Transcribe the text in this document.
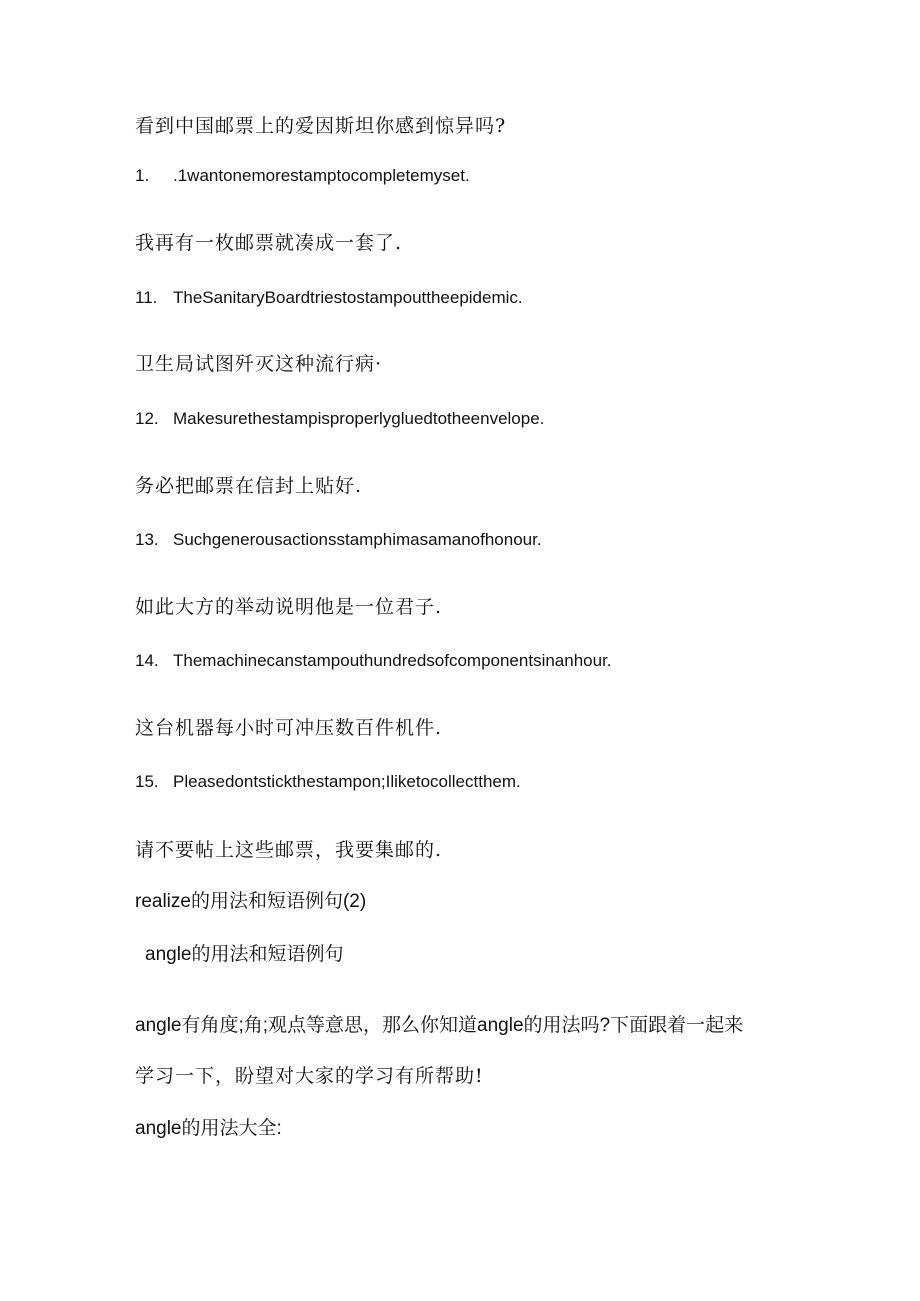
看到中国邮票上的爱因斯坦你感到惊异吗?
1. .1wantonemorestamptocompletemyset.
我再有一枚邮票就凑成一套了.
11. TheSanitaryBoardtriestostampouttheepidemic.
卫生局试图歼灭这种流行病·
12. Makesurethestampisproperlygluedtotheenvelope.
务必把邮票在信封上贴好.
13. Suchgenerousactionsstamphimasamanofhonour.
如此大方的举动说明他是一位君子.
14. Themachinecanstampouthundredsofcomponentsinanhour.
这台机器每小时可冲压数百件机件.
15. Pleasedontstickthestampon;Iliketocollectthem.
请不要帖上这些邮票，我要集邮的.
realize的用法和短语例句(2)
angle的用法和短语例句
angle有角度;角;观点等意思，那么你知道angle的用法吗?下面跟着一起来
学习一下，盼望对大家的学习有所帮助!
angle的用法大全:
